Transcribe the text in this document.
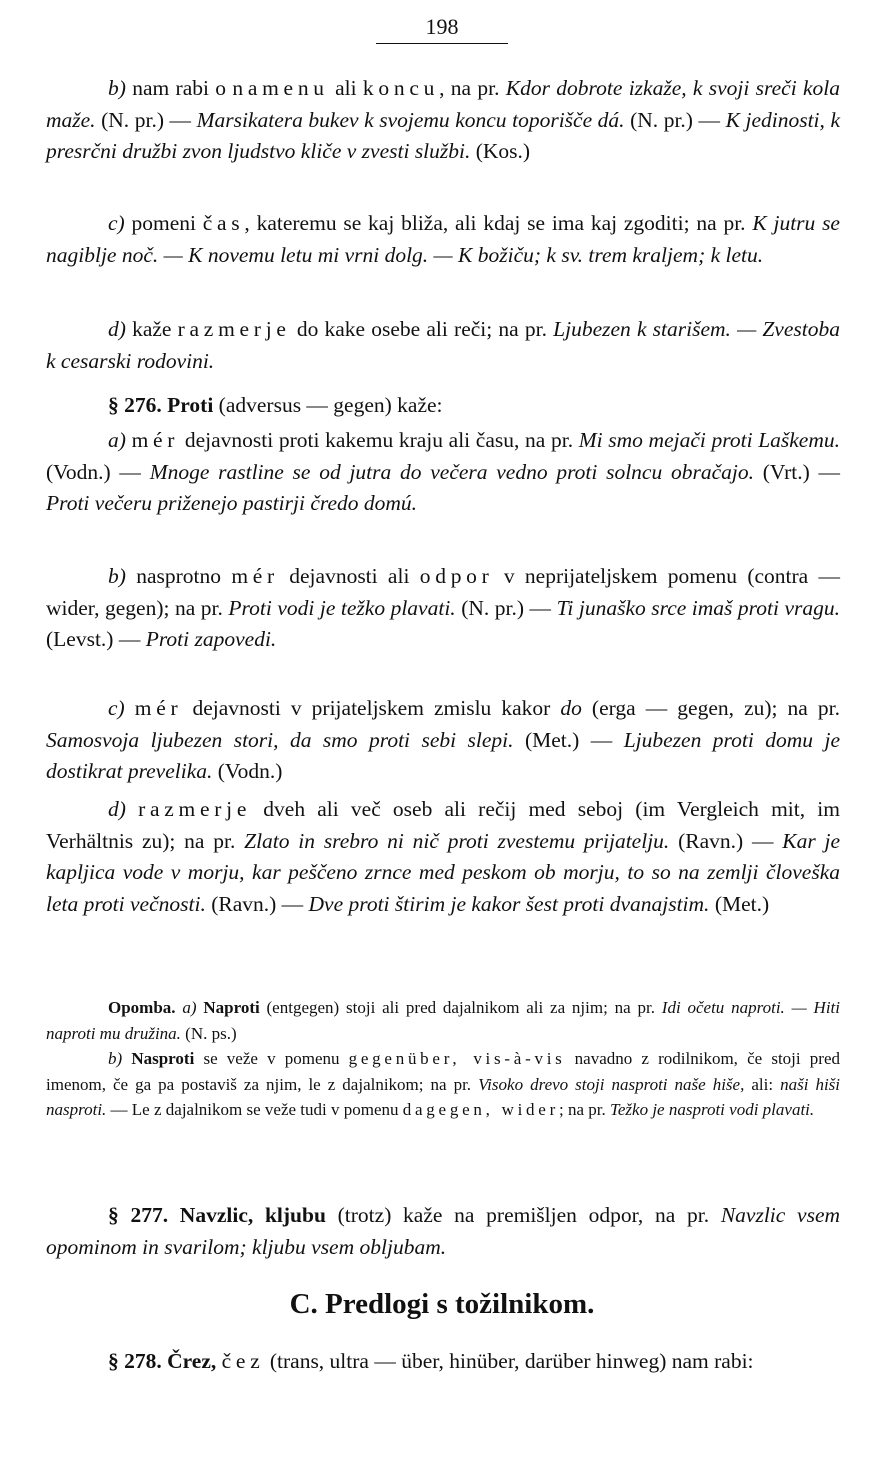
198

b) nam rabi o namenu ali koncu, na pr. Kdor dobrote izkaže, k svoji sreči kola maže. (N. pr.) — Marsikatera bukev k svojemu koncu toporišče dá. (N. pr.) — K jedinosti, k presrčni družbi zvon ljudstvo kliče v zvesti službi. (Kos.)

c) pomeni čas, kateremu se kaj bliža, ali kdaj se ima kaj zgoditi; na pr. K jutru se nagiblje noč. — K novemu letu mi vrni dolg. — K božiču; k sv. trem kraljem; k letu.

d) kaže razmerje do kake osebe ali reči; na pr. Ljubezen k starišem. — Zvestoba k cesarski rodovini.

§ 276. Proti (adversus — gegen) kaže:

a) mér dejavnosti proti kakemu kraju ali času, na pr. Mi smo mejači proti Laškemu. (Vodn.) — Mnoge rastline se od jutra do večera vedno proti solncu obračajo. (Vrt.) — Proti večeru priženejo pastirji čredo domú.

b) nasprotno mér dejavnosti ali odpor v neprijateljskem pomenu (contra — wider, gegen); na pr. Proti vodi je težko plavati. (N. pr.) — Ti junaško srce imaš proti vragu. (Levst.) — Proti zapovedi.

c) mér dejavnosti v prijateljskem zmislu kakor do (erga — gegen, zu); na pr. Samosvoja ljubezen stori, da smo proti sebi slepi. (Met.) — Ljubezen proti domu je dostikrat prevelika. (Vodn.)

d) razmerje dveh ali več oseb ali rečij med seboj (im Vergleich mit, im Verhältnis zu); na pr. Zlato in srebro ni nič proti zvestemu prijatelju. (Ravn.) — Kar je kapljica vode v morju, kar peščeno zrnce med peskom ob morju, to so na zemlji človeška leta proti večnosti. (Ravn.) — Dve proti štirim je kakor šest proti dvanajstim. (Met.)

Opomba. a) Naproti (entgegen) stoji ali pred dajalnikom ali za njim; na pr. Idi očetu naproti. — Hiti naproti mu družina. (N. ps.)

b) Nasproti se veže v pomenu gegenüber, vis-à-vis navadno z rodilnikom, če stoji pred imenom, če ga pa postaviš za njim, le z dajalnikom; na pr. Visoko drevo stoji nasproti naše hiše, ali: naši hiši nasproti. — Le z dajalnikom se veže tudi v pomenu dagegen, wider; na pr. Težko je nasproti vodi plavati.

§ 277. Navzlic, kljubu (trotz) kaže na premišljen odpor, na pr. Navzlic vsem opominom in svarilom; kljubu vsem obljubam.

C. Predlogi s tožilnikom.

§ 278. Črez, čez (trans, ultra — über, hinüber, darüber hinweg) nam rabi:
